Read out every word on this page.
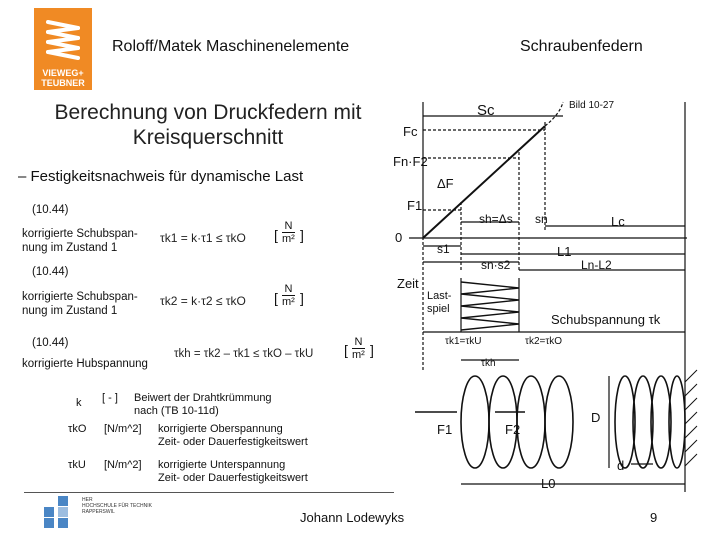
VIEWEG+
TEUBNER
Roloff/Matek Maschinenelemente	Schraubenfedern
Berechnung von Druckfedern mit
Kreisquerschnitt
– Festigkeitsnachweis für dynamische Last
(10.44)
korrigierte Schubspan-
nung im Zustand 1
τk1 = k·τ1 ≤ τkO [ $\frac{N}{\text{m²}}$ ]
(10.44)
korrigierte Schubspan-
nung im Zustand 1
τk2 = k·τ2 ≤ τkO [ $\frac{N}{\text{m²}}$ ]
(10.44)
korrigierte Hubspannung
τkh = τk2 – τk1 ≤ τkO – τkU [ $\frac{N}{\text{m²}}$ ]
k [ - ] Beiwert der Drahtkrümmung
nach (TB 10-11d)
τkO [N/m^2] korrigierte Oberspannung
Zeit- oder Dauerfestigkeitswert
τkU [N/m^2] korrigierte Unterspannung
Zeit- oder Dauerfestigkeitswert
Bild 10-27
Sc
Fc
Fn·F2
ΔF
F1
0
sh=Δs sn	Lc
s1	L1
sn·s2	Ln-L2
Zeit
Last-
spiel
Schubspannung τk
τk1=τkU	τk2=τkO
τkh
D
F1	F2
d
L0
HER
HOCHSCHULE FÜR TECHNIK
RAPPERSWIL	Johann Lodewyks	9
